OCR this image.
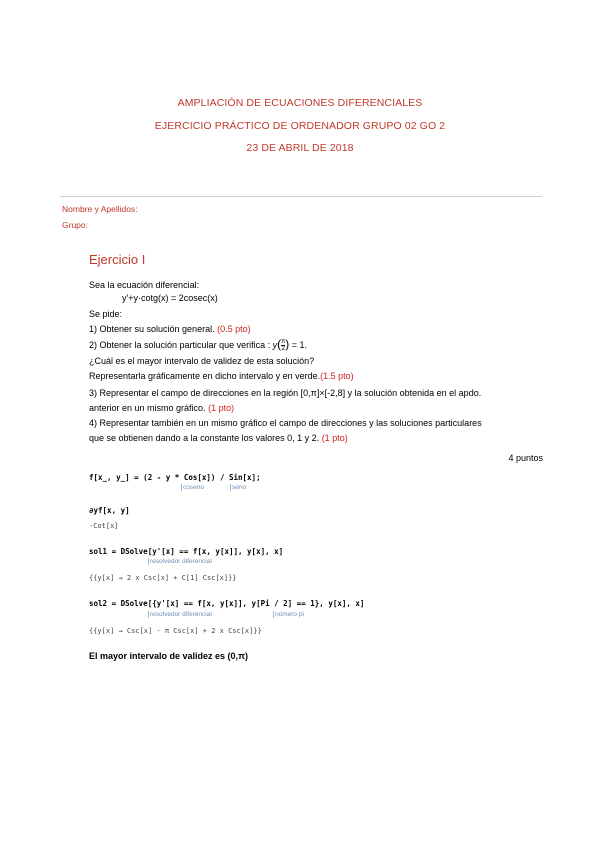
AMPLIACIÓN DE ECUACIONES DIFERENCIALES
EJERCICIO PRÁCTICO DE ORDENADOR GRUPO 02 GO 2
23 DE ABRIL DE 2018
Nombre y Apellidos:
Grupo:
Ejercicio I
Sea la ecuación diferencial:
y'+y·cotg(x) = 2cosec(x)
Se pide:
1) Obtener su solución general. (0.5 pto)
2) Obtener la solución particular que verifica : $y( \frac{\pi}{2}$ ) = 1.
¿Cuál es el mayor intervalo de validez de esta solución?
Representarla gráficamente en dicho intervalo y en verde.(1.5 pto)
3) Representar el campo de direcciones en la región [0,π]×[-2,8] y la solución obtenida en el apdo.
anterior en un mismo gráfico. (1 pto)
4) Representar también en un mismo gráfico el campo de direcciones y las soluciones particulares
que se obtienen dando a la constante los valores 0, 1 y 2. (1 pto)
4 puntos
f[x_, y_] = (2 - y * Cos[x]) / Sin[x];
coseno	seno
∂yf[x, y]
-Cot[x]
sol1 = DSolve[y'[x] == f[x, y[x]], y[x], x]
resolvedor diferencial
{{y[x] → 2 x Csc[x] + C[1] Csc[x]}}
sol2 = DSolve[{y'[x] == f[x, y[x]], y[Pi / 2] == 1}, y[x], x]
resolvedor diferencial	número pi
{{y[x] → Csc[x] - π Csc[x] + 2 x Csc[x]}}
El mayor intervalo de validez es (0,π)
